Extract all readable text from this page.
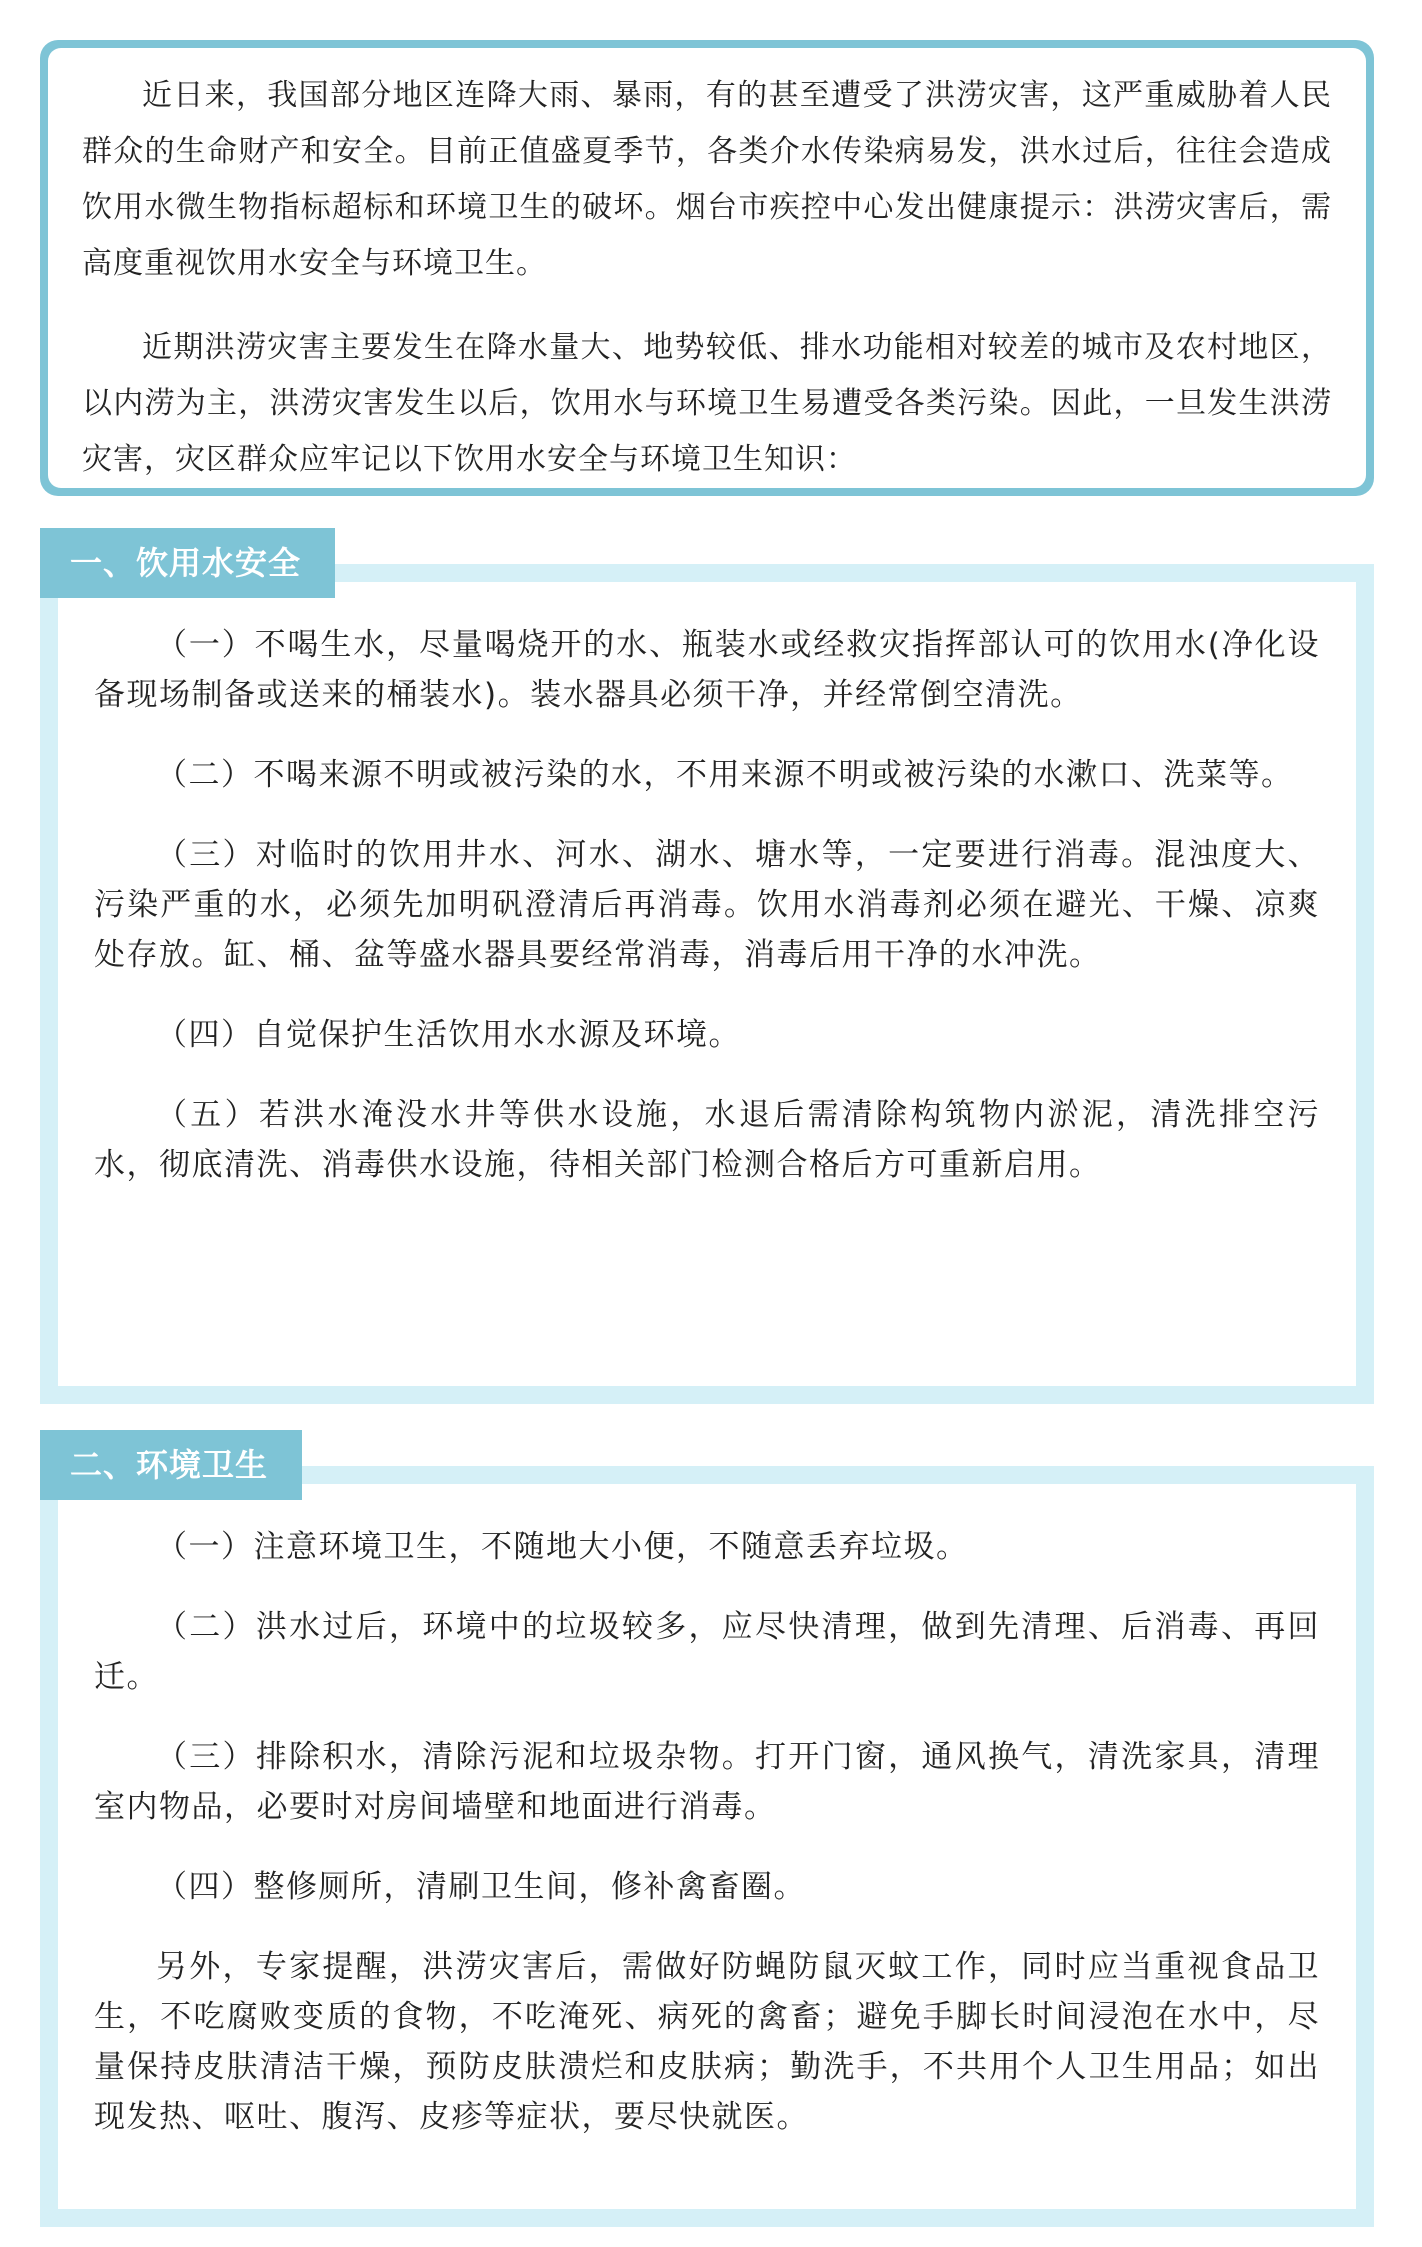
近日来，我国部分地区连降大雨、暴雨，有的甚至遭受了洪涝灾害，这严重威胁着人民群众的生命财产和安全。目前正值盛夏季节，各类介水传染病易发，洪水过后，往往会造成饮用水微生物指标超标和环境卫生的破坏。烟台市疾控中心发出健康提示：洪涝灾害后，需高度重视饮用水安全与环境卫生。

近期洪涝灾害主要发生在降水量大、地势较低、排水功能相对较差的城市及农村地区，以内涝为主，洪涝灾害发生以后，饮用水与环境卫生易遭受各类污染。因此，一旦发生洪涝灾害，灾区群众应牢记以下饮用水安全与环境卫生知识：

一、饮用水安全

（一）不喝生水，尽量喝烧开的水、瓶装水或经救灾指挥部认可的饮用水(净化设备现场制备或送来的桶装水)。装水器具必须干净，并经常倒空清洗。

（二）不喝来源不明或被污染的水，不用来源不明或被污染的水漱口、洗菜等。

（三）对临时的饮用井水、河水、湖水、塘水等，一定要进行消毒。混浊度大、污染严重的水，必须先加明矾澄清后再消毒。饮用水消毒剂必须在避光、干燥、凉爽处存放。缸、桶、盆等盛水器具要经常消毒，消毒后用干净的水冲洗。

（四）自觉保护生活饮用水水源及环境。

（五）若洪水淹没水井等供水设施，水退后需清除构筑物内淤泥，清洗排空污水，彻底清洗、消毒供水设施，待相关部门检测合格后方可重新启用。

二、环境卫生

（一）注意环境卫生，不随地大小便，不随意丢弃垃圾。

（二）洪水过后，环境中的垃圾较多，应尽快清理，做到先清理、后消毒、再回迁。

（三）排除积水，清除污泥和垃圾杂物。打开门窗，通风换气，清洗家具，清理室内物品，必要时对房间墙壁和地面进行消毒。

（四）整修厕所，清刷卫生间，修补禽畜圈。

另外，专家提醒，洪涝灾害后，需做好防蝇防鼠灭蚊工作，同时应当重视食品卫生，不吃腐败变质的食物，不吃淹死、病死的禽畜；避免手脚长时间浸泡在水中，尽量保持皮肤清洁干燥，预防皮肤溃烂和皮肤病；勤洗手，不共用个人卫生用品；如出现发热、呕吐、腹泻、皮疹等症状，要尽快就医。
